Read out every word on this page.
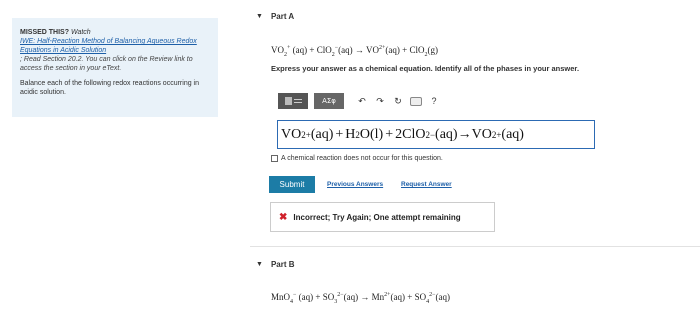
MISSED THIS? Watch
IWE: Half-Reaction Method of Balancing Aqueous Redox Equations in Acidic Solution
; Read Section 20.2. You can click on the Review link to access the section in your eText.
Balance each of the following redox reactions occurring in acidic solution.
▼ Part A
$VO_2^+$ $(aq) + ClO_2^-(aq) \to VO^{2+}(aq) + ClO_2(g)$
Express your answer as a chemical equation. Identify all of the phases in your answer.
ΑΣφ	↶ ↷ ↻	?
VO 2 + (aq) + H 2 O(l) + 2ClO 2 − (aq) → VO 2+ (aq)
A chemical reaction does not occur for this question.
Submit	Previous Answers	Request Answer
✖ Incorrect; Try Again; One attempt remaining
▼ Part B
MnO$_4$− $(aq) + SO_3^{2-}(aq) \to Mn^{2+}(aq) + SO_4^{2-}(aq)$
